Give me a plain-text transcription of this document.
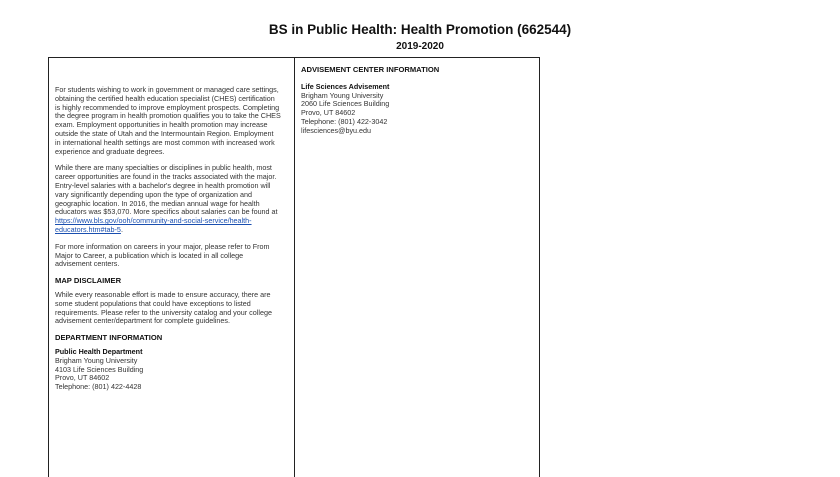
BS in Public Health: Health Promotion (662544)
2019-2020

For students wishing to work in government or managed care settings, obtaining the certified health education specialist (CHES) certification is highly recommended to improve employment prospects. Completing the degree program in health promotion qualifies you to take the CHES exam. Employment opportunities in health promotion may increase outside the state of Utah and the Intermountain Region. Employment in international health settings are most common with increased work experience and graduate degrees.

While there are many specialties or disciplines in public health, most career opportunities are found in the tracks associated with the major. Entry-level salaries with a bachelor's degree in health promotion will vary significantly depending upon the type of organization and geographic location. In 2016, the median annual wage for health educators was $53,070. More specifics about salaries can be found at https://www.bls.gov/ooh/community-and-social-service/health-educators.htm#tab-5.

For more information on careers in your major, please refer to From Major to Career, a publication which is located in all college advisement centers.

MAP DISCLAIMER

While every reasonable effort is made to ensure accuracy, there are some student populations that could have exceptions to listed requirements. Please refer to the university catalog and your college advisement center/department for complete guidelines.

DEPARTMENT INFORMATION
Public Health Department
Brigham Young University
4103 Life Sciences Building
Provo, UT 84602
Telephone: (801) 422-4428
ADVISEMENT CENTER INFORMATION
Life Sciences Advisement
Brigham Young University
2060 Life Sciences Building
Provo, UT 84602
Telephone: (801) 422-3042
lifesciences@byu.edu
